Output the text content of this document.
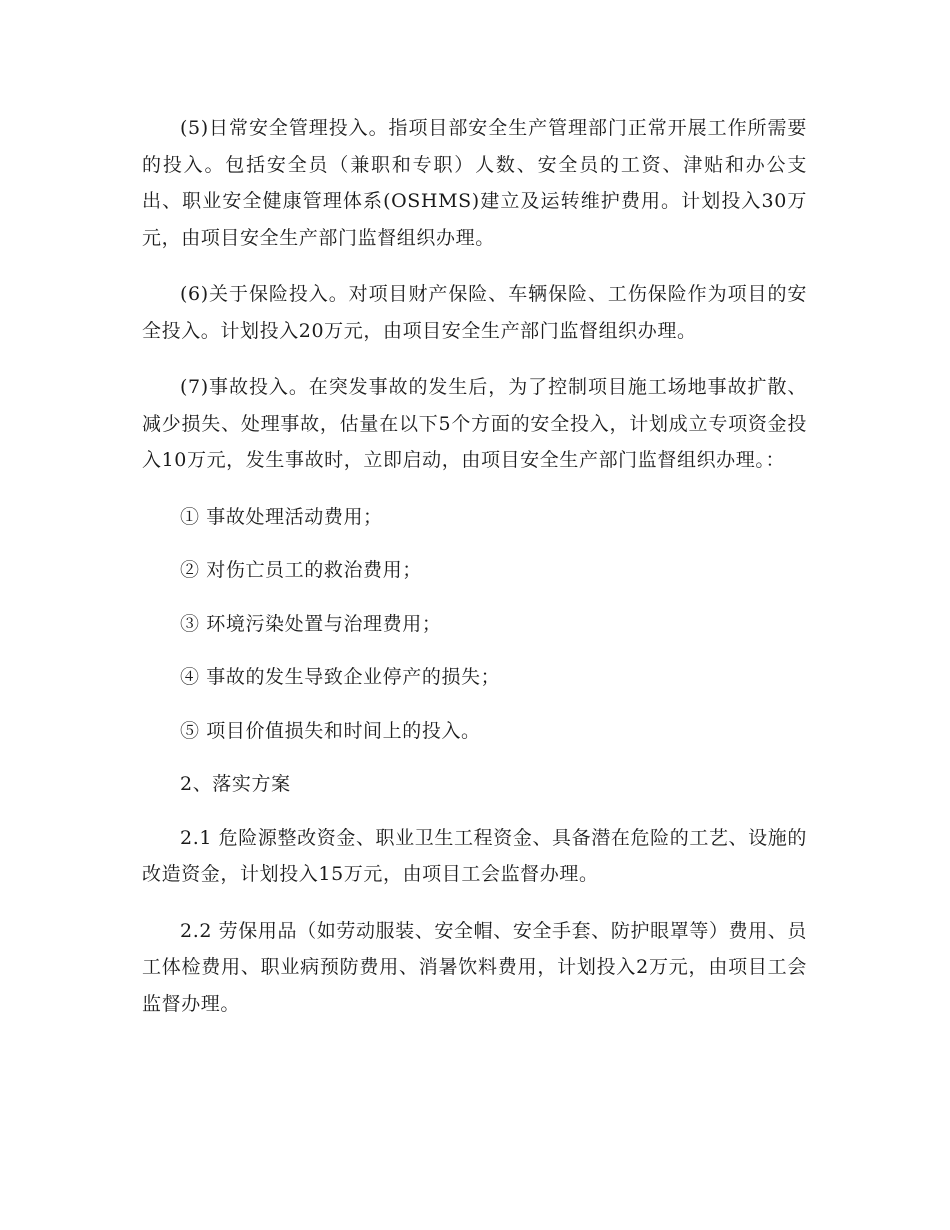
(5)日常安全管理投入。指项目部安全生产管理部门正常开展工作所需要的投入。包括安全员（兼职和专职）人数、安全员的工资、津贴和办公支出、职业安全健康管理体系(OSHMS)建立及运转维护费用。计划投入30万元，由项目安全生产部门监督组织办理。

(6)关于保险投入。对项目财产保险、车辆保险、工伤保险作为项目的安全投入。计划投入20万元，由项目安全生产部门监督组织办理。

(7)事故投入。在突发事故的发生后，为了控制项目施工场地事故扩散、减少损失、处理事故，估量在以下5个方面的安全投入，计划成立专项资金投入10万元，发生事故时，立即启动，由项目安全生产部门监督组织办理。：

① 事故处理活动费用；

② 对伤亡员工的救治费用；

③ 环境污染处置与治理费用；

④ 事故的发生导致企业停产的损失；

⑤ 项目价值损失和时间上的投入。

2、落实方案

2.1 危险源整改资金、职业卫生工程资金、具备潜在危险的工艺、设施的改造资金，计划投入15万元，由项目工会监督办理。

2.2 劳保用品（如劳动服装、安全帽、安全手套、防护眼罩等）费用、员工体检费用、职业病预防费用、消暑饮料费用，计划投入2万元，由项目工会监督办理。
